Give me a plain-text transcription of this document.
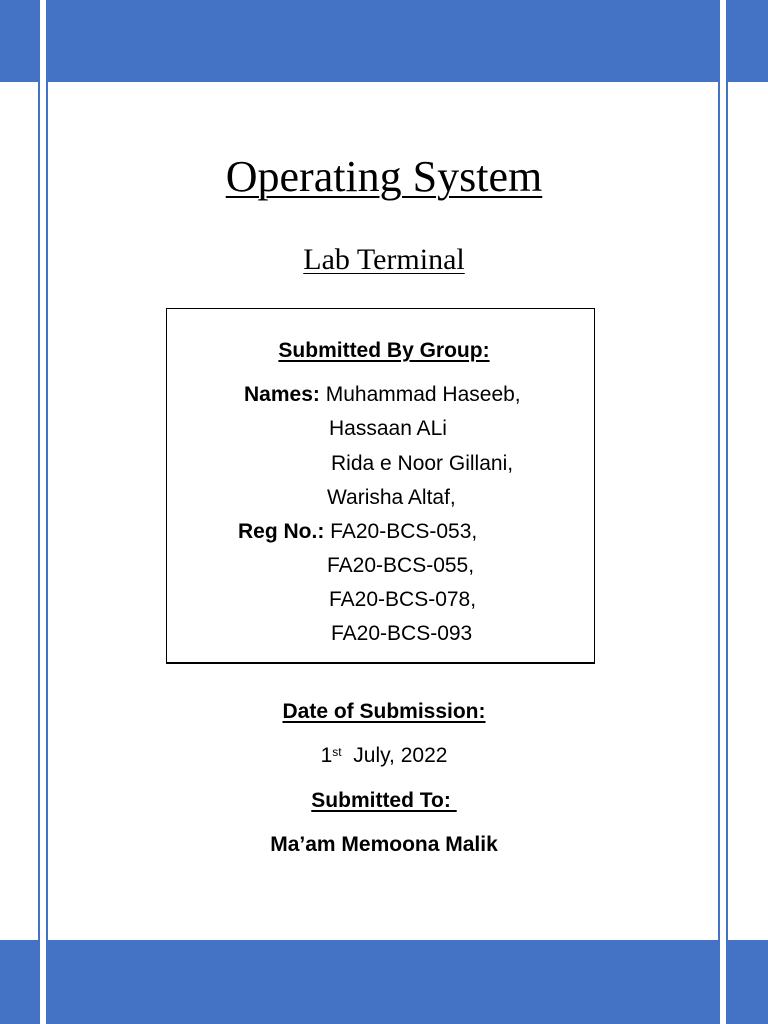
Operating System
Lab Terminal

Submitted By Group:

Names: Muhammad Haseeb,

Hassaan ALi

Rida e Noor Gillani,

Warisha Altaf,

Reg No.: FA20-BCS-053,

FA20-BCS-055,

FA20-BCS-078,

FA20-BCS-093

Date of Submission:

1st  July, 2022

Submitted To:

Ma’am Memoona Malik
